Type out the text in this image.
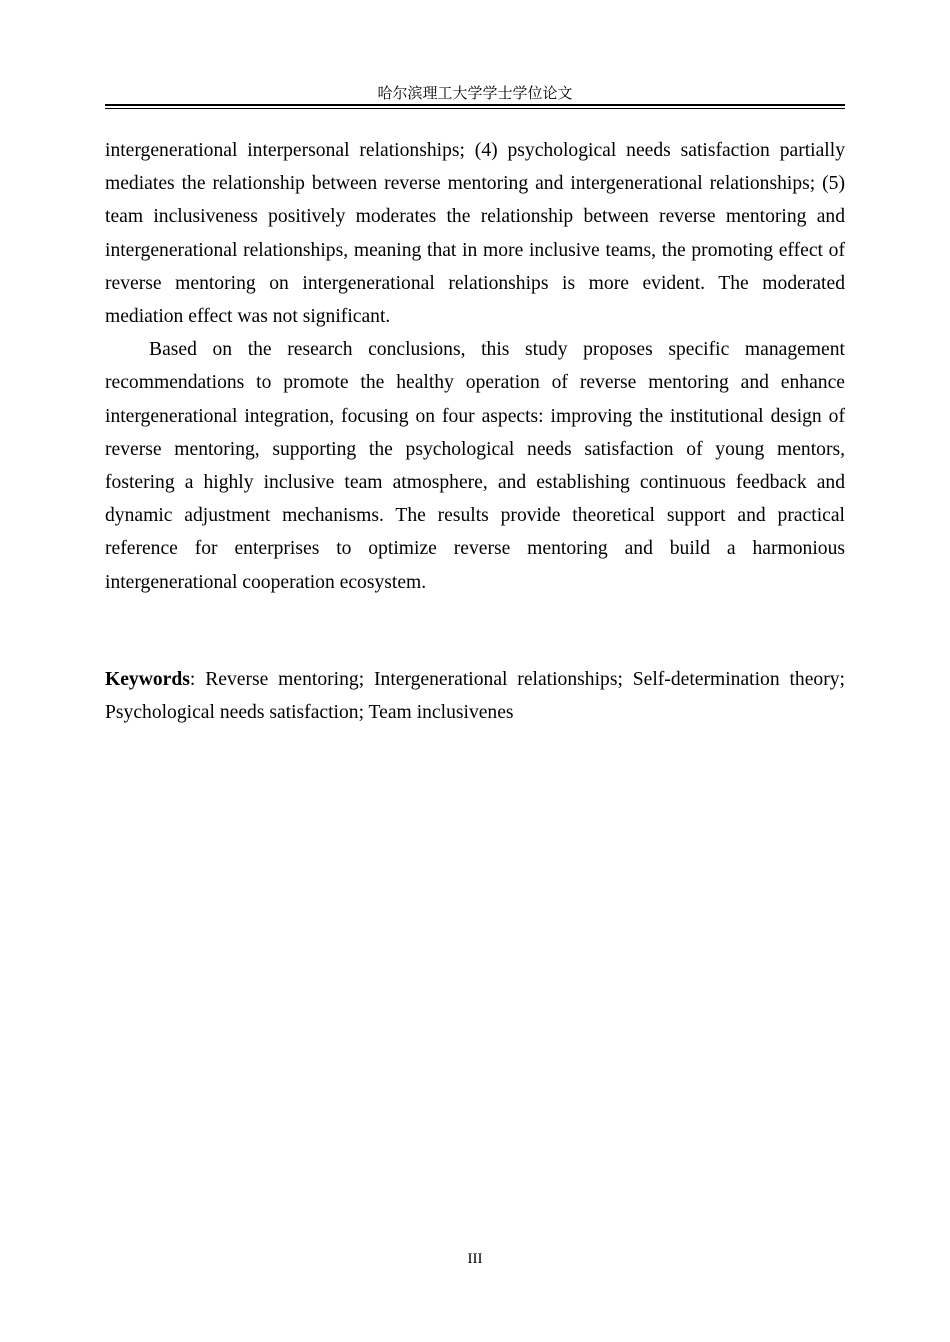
哈尔滨理工大学学士学位论文

intergenerational interpersonal relationships; (4) psychological needs satisfaction partially mediates the relationship between reverse mentoring and intergenerational relationships; (5) team inclusiveness positively moderates the relationship between reverse mentoring and intergenerational relationships, meaning that in more inclusive teams, the promoting effect of reverse mentoring on intergenerational relationships is more evident. The moderated mediation effect was not significant.

Based on the research conclusions, this study proposes specific management recommendations to promote the healthy operation of reverse mentoring and enhance intergenerational integration, focusing on four aspects: improving the institutional design of reverse mentoring, supporting the psychological needs satisfaction of young mentors, fostering a highly inclusive team atmosphere, and establishing continuous feedback and dynamic adjustment mechanisms. The results provide theoretical support and practical reference for enterprises to optimize reverse mentoring and build a harmonious intergenerational cooperation ecosystem.

Keywords: Reverse mentoring; Intergenerational relationships; Self-determination theory; Psychological needs satisfaction; Team inclusivenes
III
